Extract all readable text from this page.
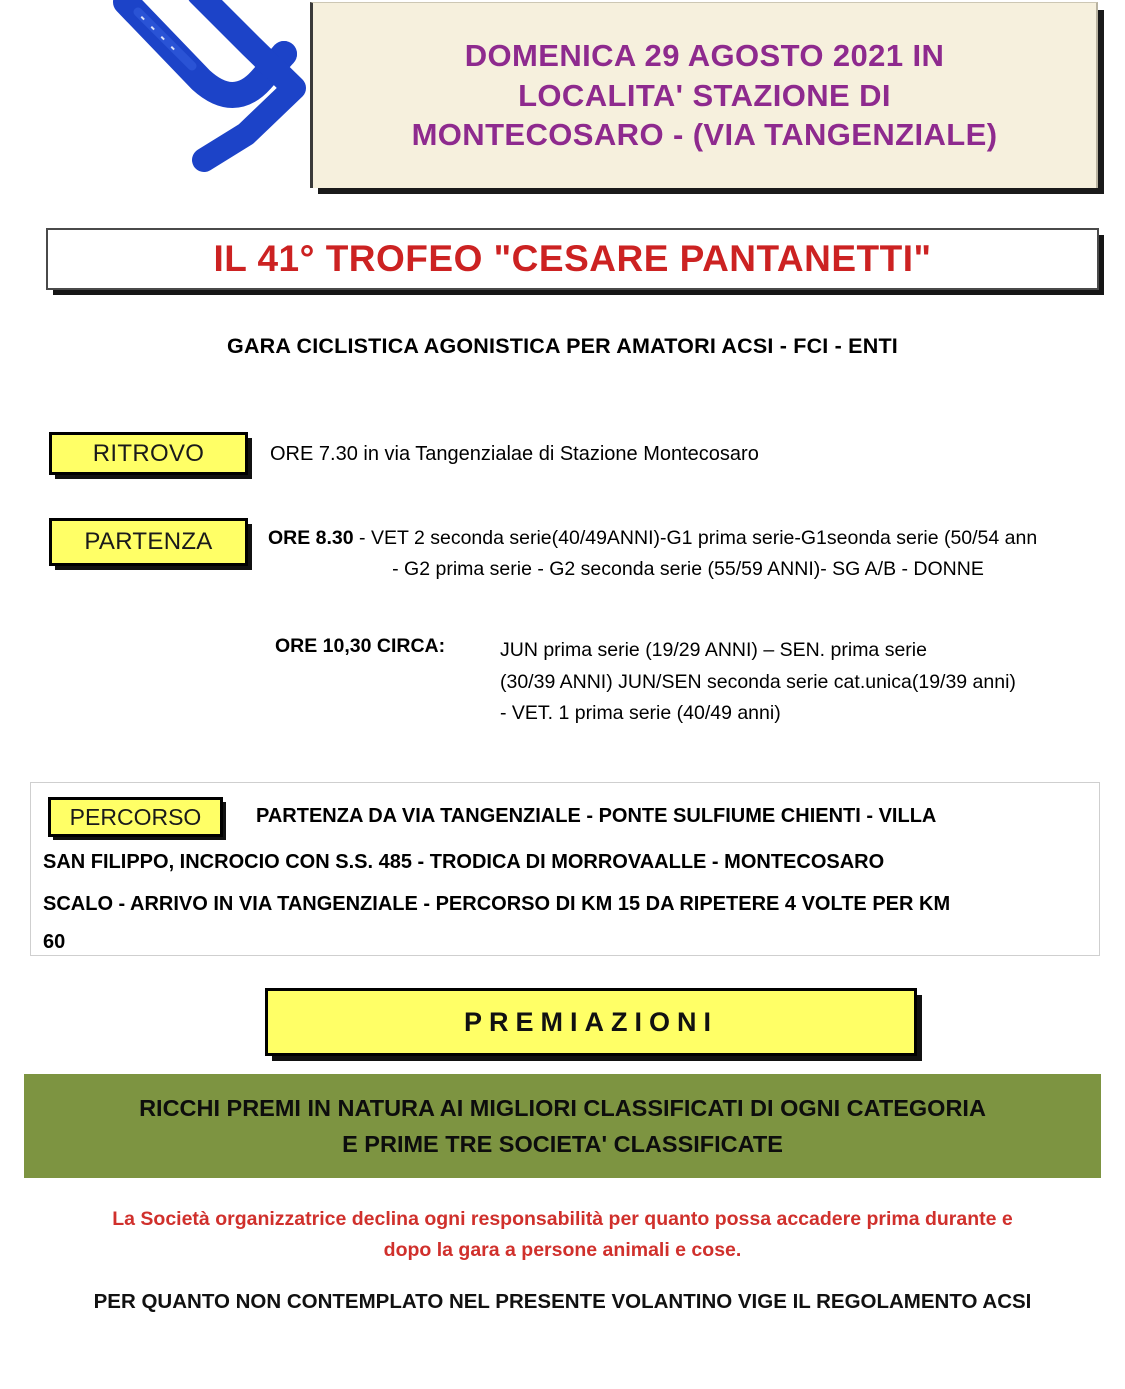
DOMENICA 29 AGOSTO 2021 IN
LOCALITA' STAZIONE DI
MONTECOSARO - (VIA TANGENZIALE)
IL 41° TROFEO "CESARE PANTANETTI"
GARA CICLISTICA AGONISTICA PER AMATORI ACSI - FCI - ENTI
RITROVO	ORE 7.30 in via Tangenzialae di Stazione Montecosaro
PARTENZA	ORE 8.30 - VET 2 seconda serie(40/49ANNI)-G1 prima serie-G1seonda serie (50/54 ann
- G2 prima serie - G2 seconda serie (55/59 ANNI)- SG A/B - DONNE
ORE 10,30 CIRCA:	JUN prima serie (19/29 ANNI) – SEN. prima serie
(30/39 ANNI) JUN/SEN seconda serie cat.unica(19/39 anni)
- VET. 1 prima serie (40/49 anni)
PERCORSO	PARTENZA DA VIA TANGENZIALE - PONTE SULFIUME CHIENTI - VILLA
SAN FILIPPO, INCROCIO CON S.S. 485 - TRODICA DI MORROVAALLE - MONTECOSARO
SCALO - ARRIVO IN VIA TANGENZIALE - PERCORSO DI KM 15 DA RIPETERE 4 VOLTE PER KM
60
PREMIAZIONI
RICCHI PREMI IN NATURA AI MIGLIORI CLASSIFICATI DI OGNI CATEGORIA
E PRIME TRE SOCIETA' CLASSIFICATE
La Società organizzatrice declina ogni responsabilità per quanto possa accadere prima durante e
dopo la gara a persone animali e cose.
PER QUANTO NON CONTEMPLATO NEL PRESENTE VOLANTINO VIGE IL REGOLAMENTO ACSI
